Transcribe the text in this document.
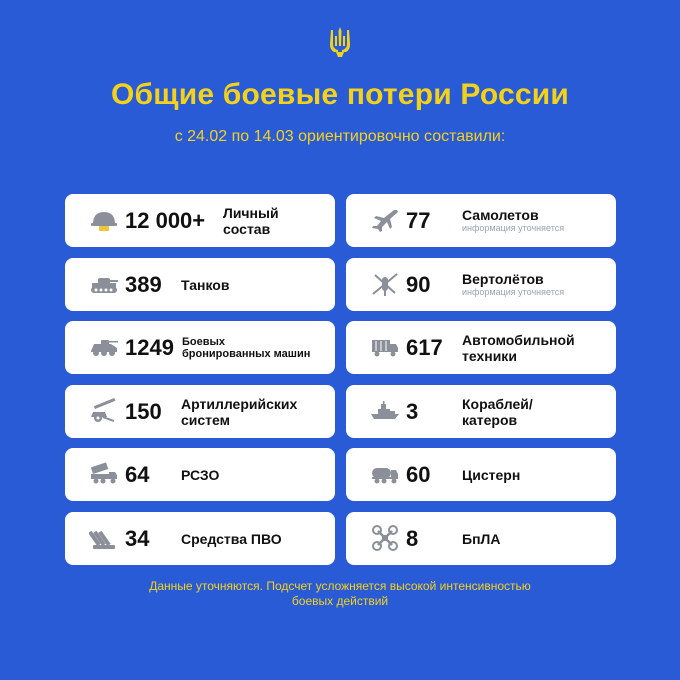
Общие боевые потери России
с 24.02 по 14.03 ориентировочно составили:
12 000+ Личный
состав
389 Танков
1249 Боевых
бронированных машин
150 Артиллерийских
систем
64 РСЗО
34 Средства ПВО
77 Самолетов
информация уточняется
90 Вертолётов
информация уточняется
617 Автомобильной
техники
3	Кораблей/
катеров
60 Цистерн
8	БпЛА
Данные уточняются. Подсчет усложняется высокой интенсивностью
боевых действий
